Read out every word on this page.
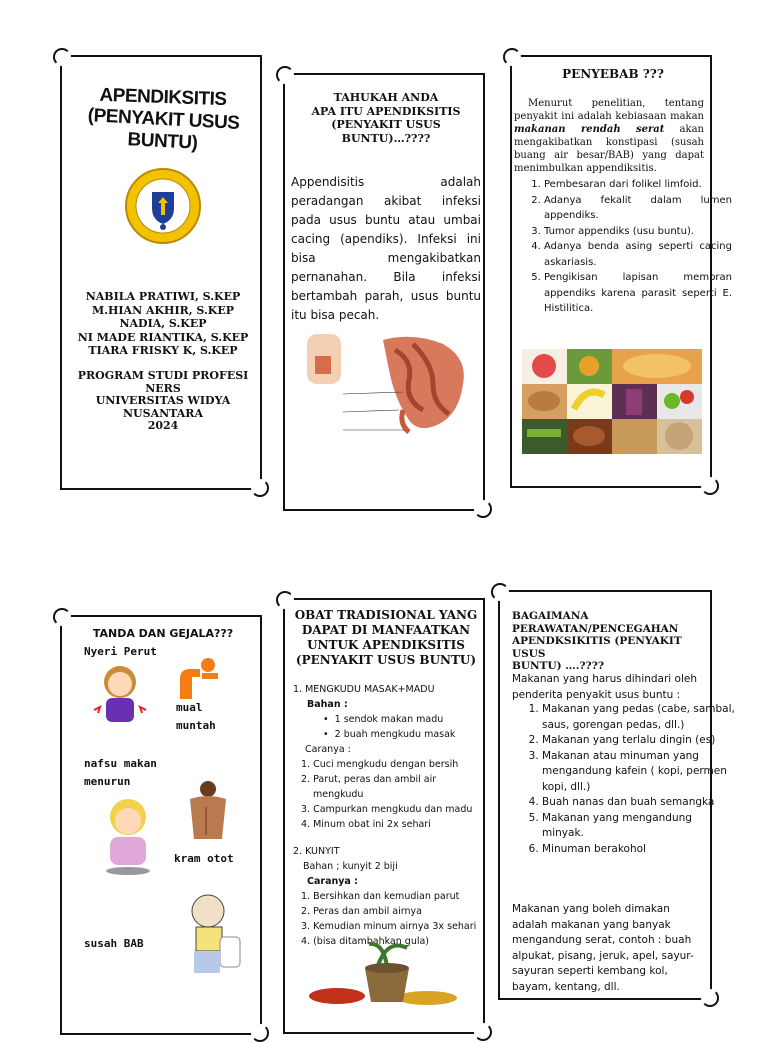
APENDIKSITIS
(PENYAKIT USUS BUNTU)
NABILA PRATIWI, S.KEP
M.HIAN AKHIR, S.KEP
NADIA, S.KEP
NI MADE RIANTIKA, S.KEP
TIARA FRISKY K, S.KEP
PROGRAM STUDI PROFESI
NERS
UNIVERSITAS WIDYA
NUSANTARA
2024
TAHUKAH ANDA
APA ITU APENDIKSITIS
(PENYAKIT USUS
BUNTU)…????
Appendisitis adalah peradangan akibat infeksi pada usus buntu atau umbai cacing (apendiks). Infeksi ini bisa mengakibatkan pernanahan. Bila infeksi bertambah parah, usus buntu itu bisa pecah.
PENYEBAB ???
Menurut penelitian, tentang penyakit ini adalah kebiasaan makan makanan rendah serat akan mengakibatkan konstipasi (susah buang air besar/BAB) yang dapat menimbulkan appendiksitis.
1. Pembesaran dari folikel limfoid.
2. Adanya fekalit dalam lumen appendiks.
3. Tumor appendiks (usu buntu).
4. Adanya benda asing seperti cacing askariasis.
5. Pengikisan lapisan membran appendiks karena parasit seperti E. Histilitica.
TANDA DAN GEJALA???
Nyeri Perut
mual
muntah
nafsu makan
menurun
kram otot
susah BAB
OBAT TRADISIONAL YANG
DAPAT DI MANFAATKAN
UNTUK APENDIKSITIS
(PENYAKIT USUS BUNTU)
1. MENGKUDU MASAK+MADU
Bahan :
•  1 sendok makan madu
•  2 buah mengkudu masak
Caranya :
1. Cuci mengkudu dengan bersih
2. Parut, peras dan ambil air
mengkudu
3. Campurkan mengkudu dan madu
4. Minum obat ini 2x sehari
2. KUNYIT
Bahan ; kunyit 2 biji
Caranya :
1. Bersihkan dan kemudian parut
2. Peras dan ambil airnya
3. Kemudian minum airnya 3x sehari
4. (bisa ditambahkan gula)
BAGAIMANA
PERAWATAN/PENCEGAHAN
APENDKSIKITIS (PENYAKIT USUS
BUNTU) ….????
Makanan yang harus dihindari oleh penderita penyakit usus buntu :
1. Makanan yang pedas (cabe, sambal, saus, gorengan pedas, dll.)
2. Makanan yang terlalu dingin (es)
3. Makanan atau minuman yang mengandung kafein ( kopi, permen kopi, dll.)
4. Buah nanas dan buah semangka
5. Makanan yang mengandung minyak.
6. Minuman berakohol
Makanan yang boleh dimakan adalah makanan yang banyak mengandung serat, contoh : buah alpukat, pisang, jeruk, apel, sayur-sayuran seperti kembang kol, bayam, kentang, dll.
